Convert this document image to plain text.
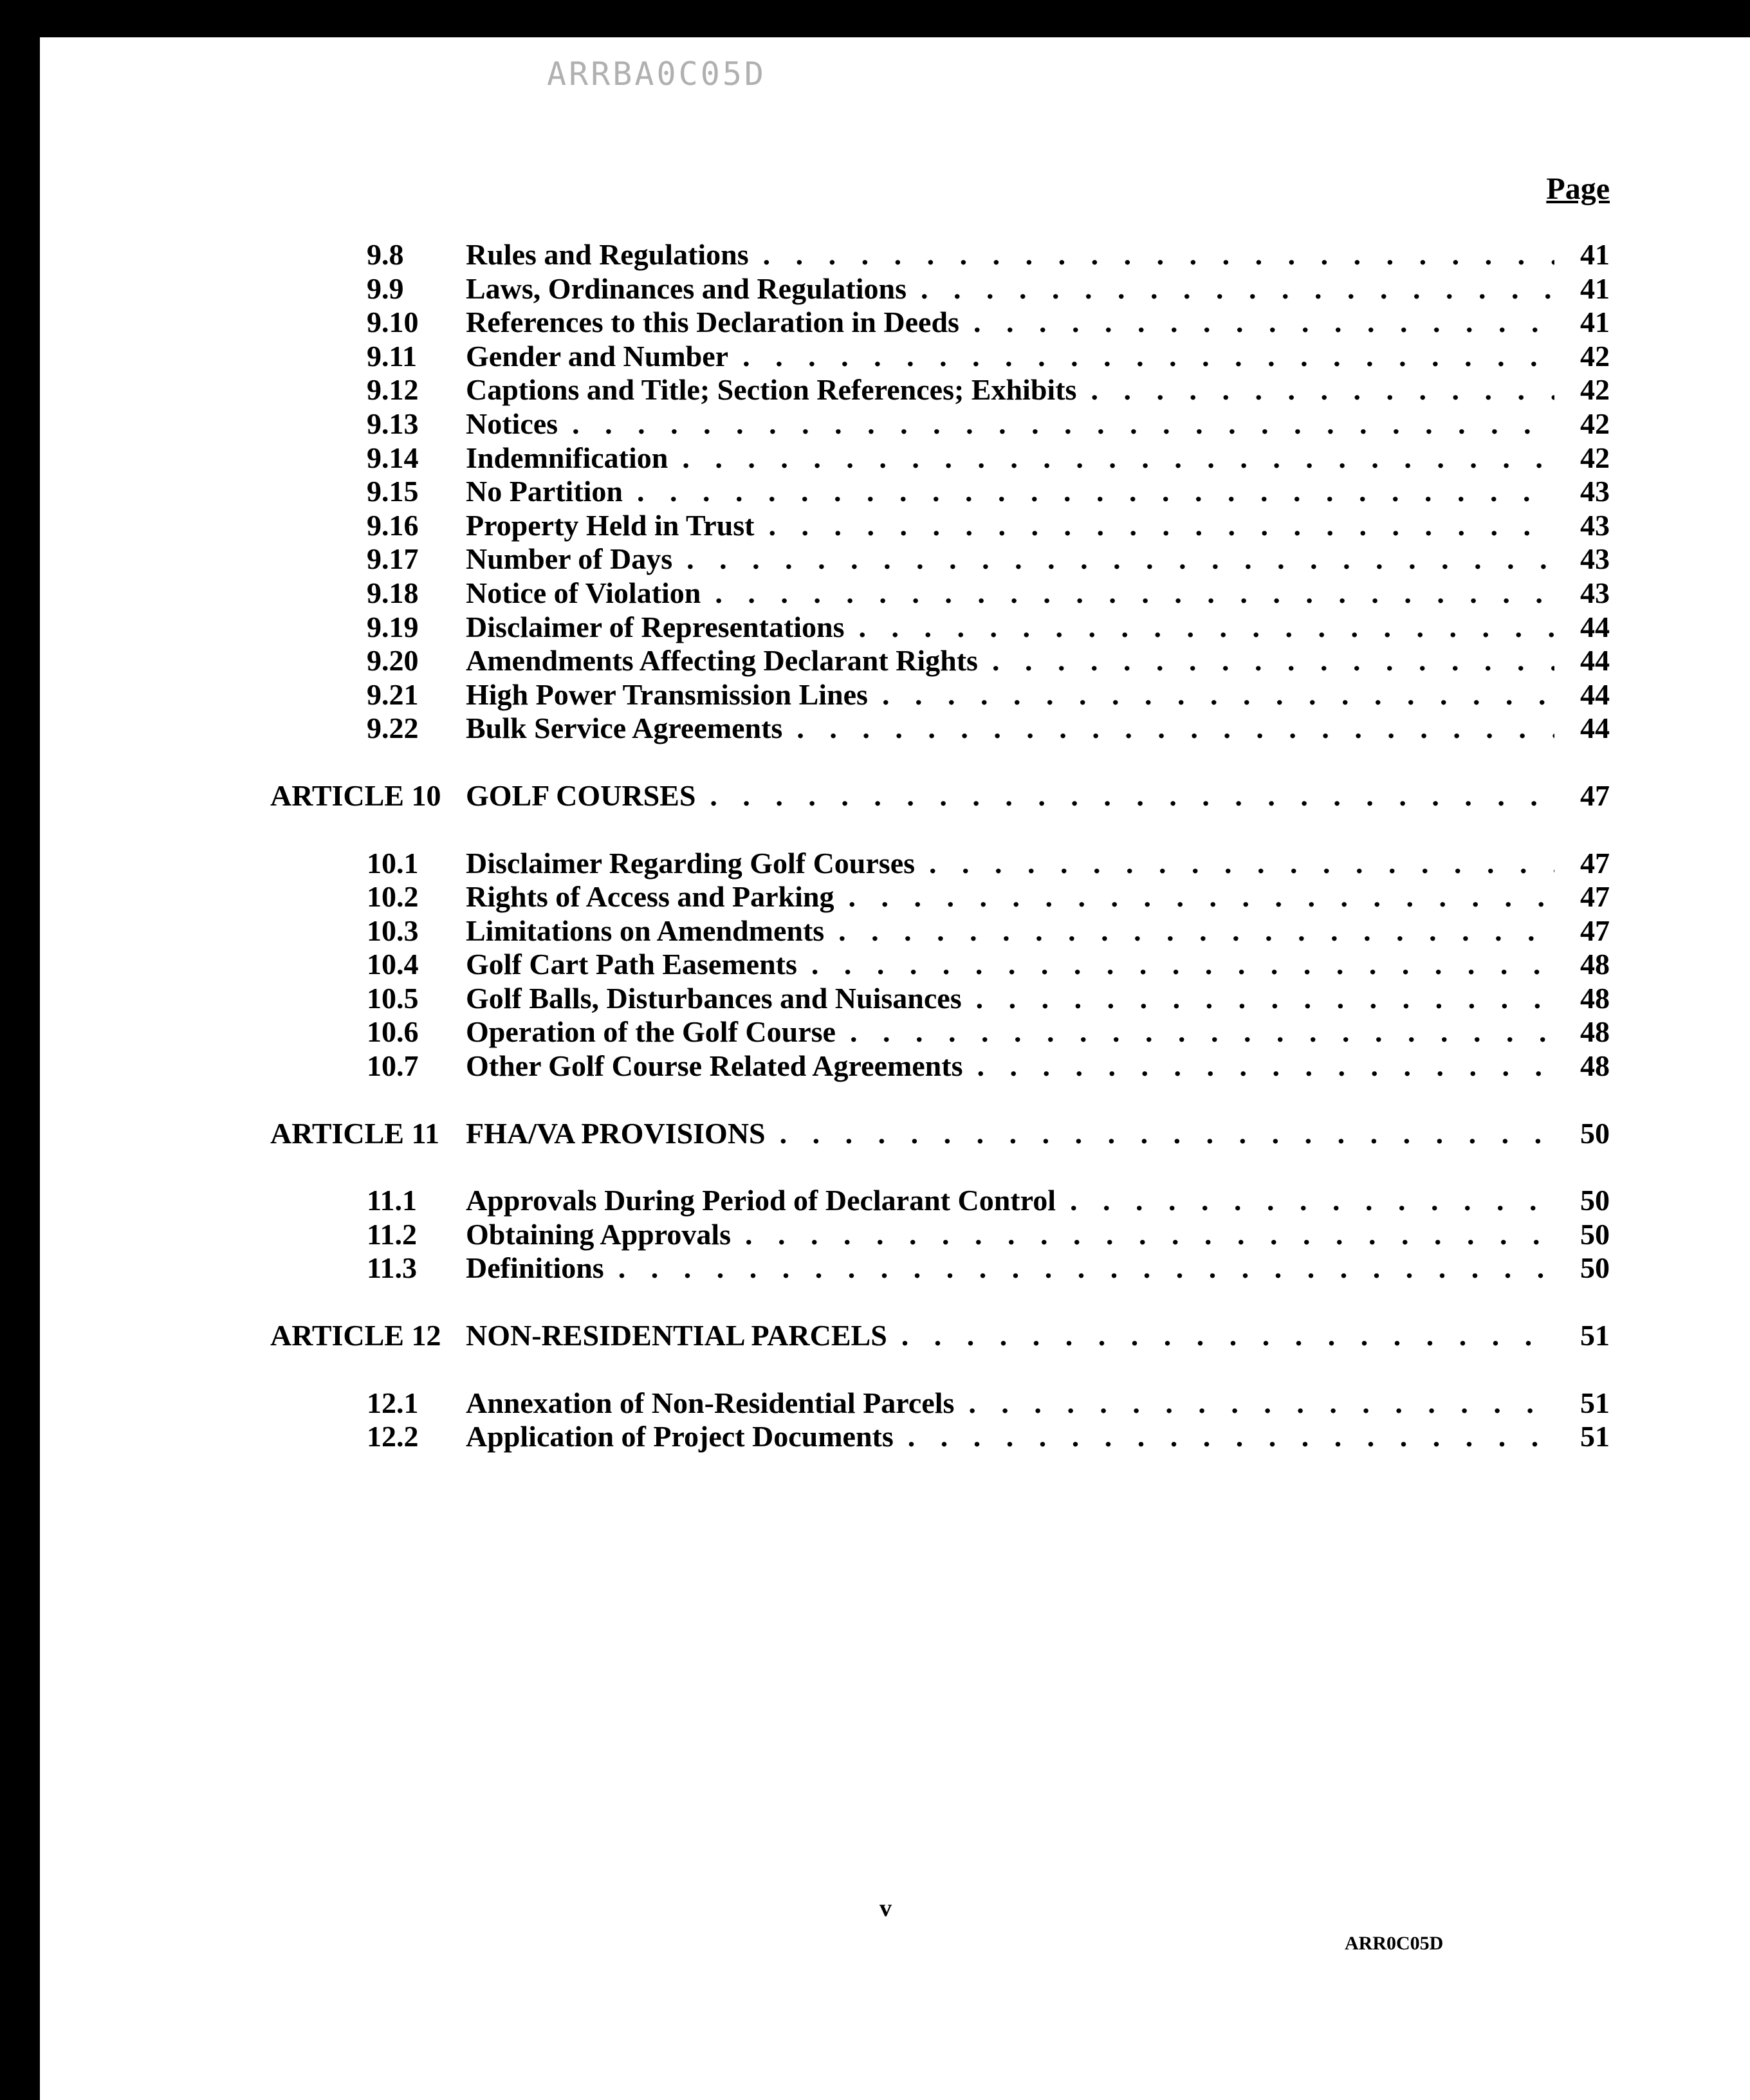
ARRBA0C05D
Page
9.8	Rules and Regulations . . .	41
9.9	Laws, Ordinances and Regulations . . .	41
9.10	References to this Declaration in Deeds . . .	41
9.11	Gender and Number . . .	42
9.12	Captions and Title; Section References; Exhibits . . .	42
9.13	Notices . . .	42
9.14	Indemnification . . .	42
9.15	No Partition . . .	43
9.16	Property Held in Trust . . .	43
9.17	Number of Days . . .	43
9.18	Notice of Violation . . .	43
9.19	Disclaimer of Representations . . .	44
9.20	Amendments Affecting Declarant Rights . . .	44
9.21	High Power Transmission Lines . . .	44
9.22	Bulk Service Agreements . . .	44
ARTICLE 10 GOLF COURSES . . .	47
10.1	Disclaimer Regarding Golf Courses . . .	47
10.2	Rights of Access and Parking . . .	47
10.3	Limitations on Amendments . . .	47
10.4	Golf Cart Path Easements . . .	48
10.5	Golf Balls, Disturbances and Nuisances . . .	48
10.6	Operation of the Golf Course . . .	48
10.7	Other Golf Course Related Agreements . . .	48
ARTICLE 11 FHA/VA PROVISIONS . . .	50
11.1	Approvals During Period of Declarant Control . . .	50
11.2	Obtaining Approvals . . .	50
11.3	Definitions . . .	50
ARTICLE 12 NON-RESIDENTIAL PARCELS . . .	51
12.1	Annexation of Non-Residential Parcels . . .	51
12.2	Application of Project Documents . . .	51
v
ARR0C05D
